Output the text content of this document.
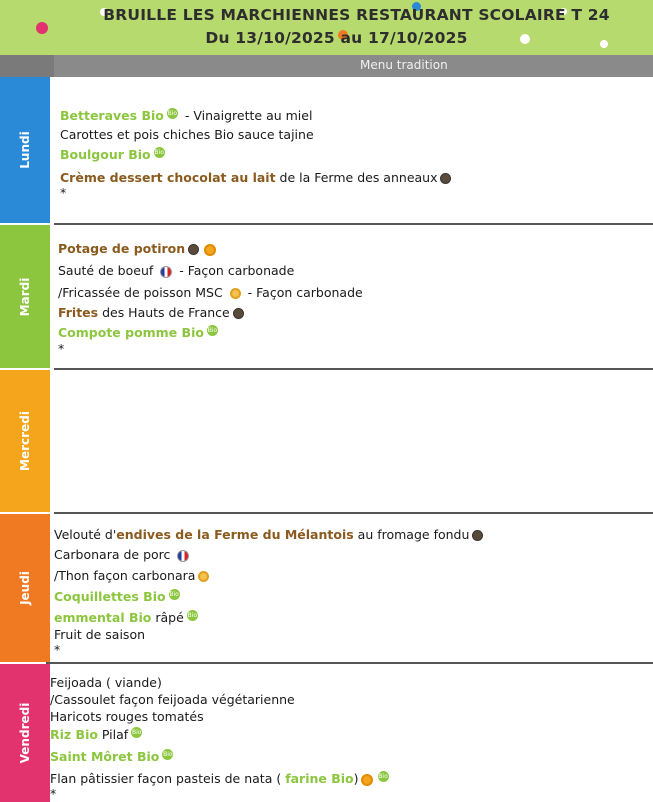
BRUILLE LES MARCHIENNES RESTAURANT SCOLAIRE T 24
Du 13/10/2025 au 17/10/2025
Menu tradition
Lundi
Betteraves Bio Bio - Vinaigrette au miel
Carottes et pois chiches Bio sauce tajine
Boulgour Bio Bio
Crème dessert chocolat au lait de la Ferme des anneaux
*
Mardi
Potage de potiron
Sauté de boeuf  - Façon carbonade
/Fricassée de poisson MSC  - Façon carbonade
Frites des Hauts de France
Compote pomme Bio Bio
*
Mercredi
Jeudi
Velouté d'endives de la Ferme du Mélantois au fromage fondu
Carbonara de porc
/Thon façon carbonara
Coquillettes Bio Bio
emmental Bio râpé Bio
Fruit de saison
*
Vendredi
Feijoada ( viande)
/Cassoulet façon feijoada végétarienne
Haricots rouges tomatés
Riz Bio Pilaf Bio
Saint Môret Bio Bio
Flan pâtissier façon pasteis de nata ( farine Bio)	Bio
*
